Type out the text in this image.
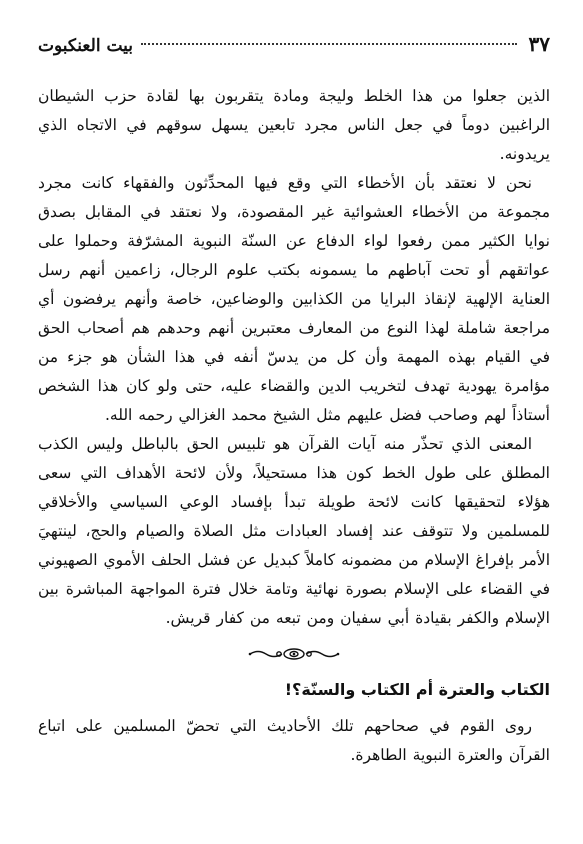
٣٧
بيت العنكبوت

الذين جعلوا من هذا الخلط وليجة ومادة يتقربون بها لقادة حزب الشيطان الراغبين دوماً في جعل الناس مجرد تابعين يسهل سوقهم في الاتجاه الذي يريدونه.

نحن لا نعتقد بأن الأخطاء التي وقع فيها المحدِّثون والفقهاء كانت مجرد مجموعة من الأخطاء العشوائية غير المقصودة، ولا نعتقد في المقابل بصدق نوايا الكثير ممن رفعوا لواء الدفاع عن السنّة النبوية المشرّفة وحملوا على عواتقهم أو تحت آباطهم ما يسمونه بكتب علوم الرجال، زاعمين أنهم رسل العناية الإلهية لإنقاذ البرايا من الكذابين والوضاعين، خاصة وأنهم يرفضون أي مراجعة شاملة لهذا النوع من المعارف معتبرين أنهم وحدهم هم أصحاب الحق في القيام بهذه المهمة وأن كل من يدسّ أنفه في هذا الشأن هو جزء من مؤامرة يهودية تهدف لتخريب الدين والقضاء عليه، حتى ولو كان هذا الشخص أستاذاً لهم وصاحب فضل عليهم مثل الشيخ محمد الغزالي رحمه الله.

المعنى الذي تحذّر منه آيات القرآن هو تلبيس الحق بالباطل وليس الكذب المطلق على طول الخط كون هذا مستحيلاً، ولأن لائحة الأهداف التي سعى هؤلاء لتحقيقها كانت لائحة طويلة تبدأ بإفساد الوعي السياسي والأخلاقي للمسلمين ولا تتوقف عند إفساد العبادات مثل الصلاة والصيام والحج، لينتهيَ الأمر بإفراغ الإسلام من مضمونه كاملاً كبديل عن فشل الحلف الأموي الصهيوني في القضاء على الإسلام بصورة نهائية وتامة خلال فترة المواجهة المباشرة بين الإسلام والكفر بقيادة أبي سفيان ومن تبعه من كفار قريش.

الكتاب والعترة أم الكتاب والسنّة؟!

روى القوم في صحاحهم تلك الأحاديث التي تحضّ المسلمين على اتباع القرآن والعترة النبوية الطاهرة.
